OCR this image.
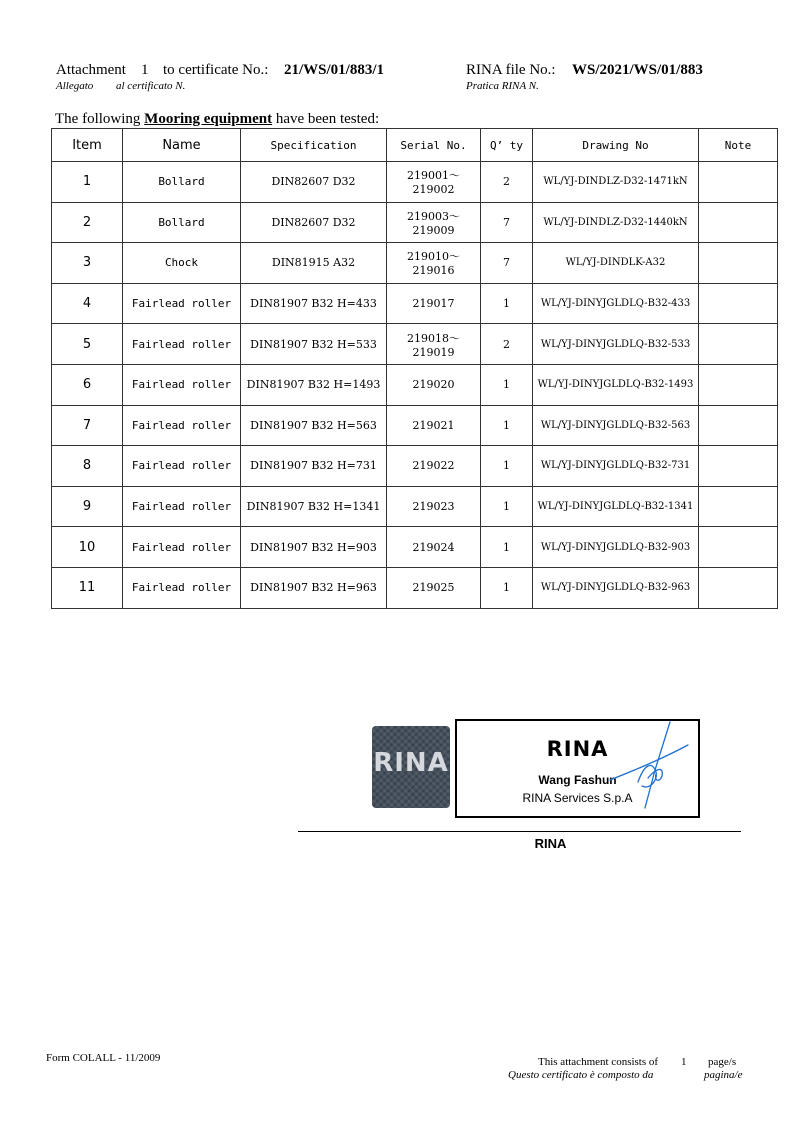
Attachment 1 to certificate No.: 21/WS/01/883/1
Allegato al certificato N.
RINA file No.: WS/2021/WS/01/883
Pratica RINA N.
The following Mooring equipment have been tested:
Item	Name	Specification	Serial No.	Q’ ty	Drawing No	Note
1	Bollard	DIN82607 D32	219001～219002	2	WL/YJ-DINDLZ-D32-1471kN	
2	Bollard	DIN82607 D32	219003～219009	7	WL/YJ-DINDLZ-D32-1440kN	
3	Chock	DIN81915 A32	219010～219016	7	WL/YJ-DINDLK-A32	
4	Fairlead roller	DIN81907 B32 H=433	219017	1	WL/YJ-DINYJGLDLQ-B32-433	
5	Fairlead roller	DIN81907 B32 H=533	219018～219019	2	WL/YJ-DINYJGLDLQ-B32-533	
6	Fairlead roller	DIN81907 B32 H=1493	219020	1	WL/YJ-DINYJGLDLQ-B32-1493	
7	Fairlead roller	DIN81907 B32 H=563	219021	1	WL/YJ-DINYJGLDLQ-B32-563	
8	Fairlead roller	DIN81907 B32 H=731	219022	1	WL/YJ-DINYJGLDLQ-B32-731	
9	Fairlead roller	DIN81907 B32 H=1341	219023	1	WL/YJ-DINYJGLDLQ-B32-1341	
10	Fairlead roller	DIN81907 B32 H=903	219024	1	WL/YJ-DINYJGLDLQ-B32-903	
11	Fairlead roller	DIN81907 B32 H=963	219025	1	WL/YJ-DINYJGLDLQ-B32-963	
RINA	RINA
Wang Fashun
RINA Services S.p.A
RINA
Form COLALL - 11/2009	This attachment consists of 1 page/s
Questo certificato è composto da	pagina/e
